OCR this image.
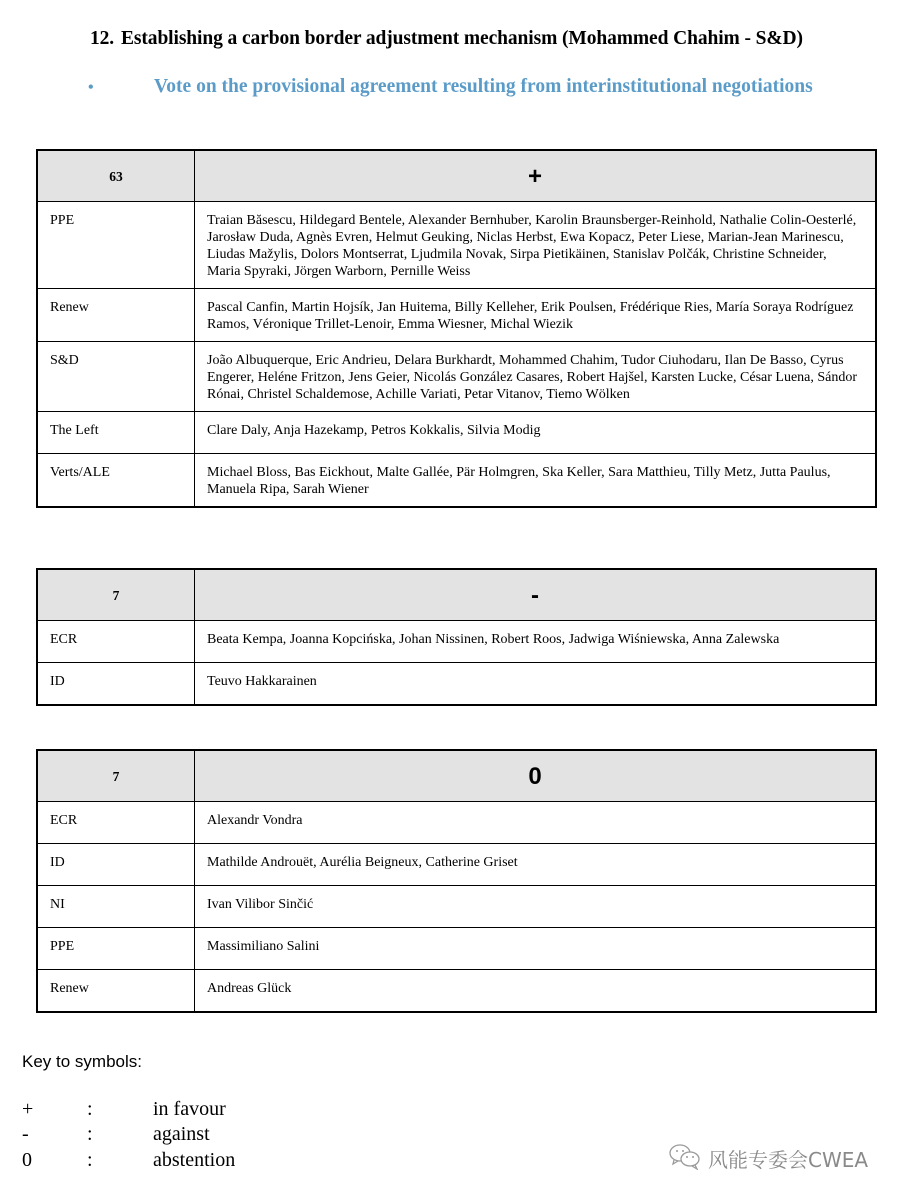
12. Establishing a carbon border adjustment mechanism (Mohammed Chahim - S&D)
•	Vote on the provisional agreement resulting from interinstitutional negotiations
63	+
PPE	Traian Băsescu, Hildegard Bentele, Alexander Bernhuber, Karolin Braunsberger-Reinhold, Nathalie Colin-Oesterlé, Jarosław Duda, Agnès Evren, Helmut Geuking, Niclas Herbst, Ewa Kopacz, Peter Liese, Marian-Jean Marinescu, Liudas Mažylis, Dolors Montserrat, Ljudmila Novak, Sirpa Pietikäinen, Stanislav Polčák, Christine Schneider, Maria Spyraki, Jörgen Warborn, Pernille Weiss
Renew	Pascal Canfin, Martin Hojsík, Jan Huitema, Billy Kelleher, Erik Poulsen, Frédérique Ries, María Soraya Rodríguez Ramos, Véronique Trillet-Lenoir, Emma Wiesner, Michal Wiezik
S&D	João Albuquerque, Eric Andrieu, Delara Burkhardt, Mohammed Chahim, Tudor Ciuhodaru, Ilan De Basso, Cyrus Engerer, Heléne Fritzon, Jens Geier, Nicolás González Casares, Robert Hajšel, Karsten Lucke, César Luena, Sándor Rónai, Christel Schaldemose, Achille Variati, Petar Vitanov, Tiemo Wölken
The Left	Clare Daly, Anja Hazekamp, Petros Kokkalis, Silvia Modig
Verts/ALE	Michael Bloss, Bas Eickhout, Malte Gallée, Pär Holmgren, Ska Keller, Sara Matthieu, Tilly Metz, Jutta Paulus, Manuela Ripa, Sarah Wiener
7	-
ECR	Beata Kempa, Joanna Kopcińska, Johan Nissinen, Robert Roos, Jadwiga Wiśniewska, Anna Zalewska
ID	Teuvo Hakkarainen
7	0
ECR	Alexandr Vondra
ID	Mathilde Androuët, Aurélia Beigneux, Catherine Griset
NI	Ivan Vilibor Sinčić
PPE	Massimiliano Salini
Renew	Andreas Glück
Key to symbols:
+	:	in favour
-	:	against
0	:	abstention	风能专委会CWEA
